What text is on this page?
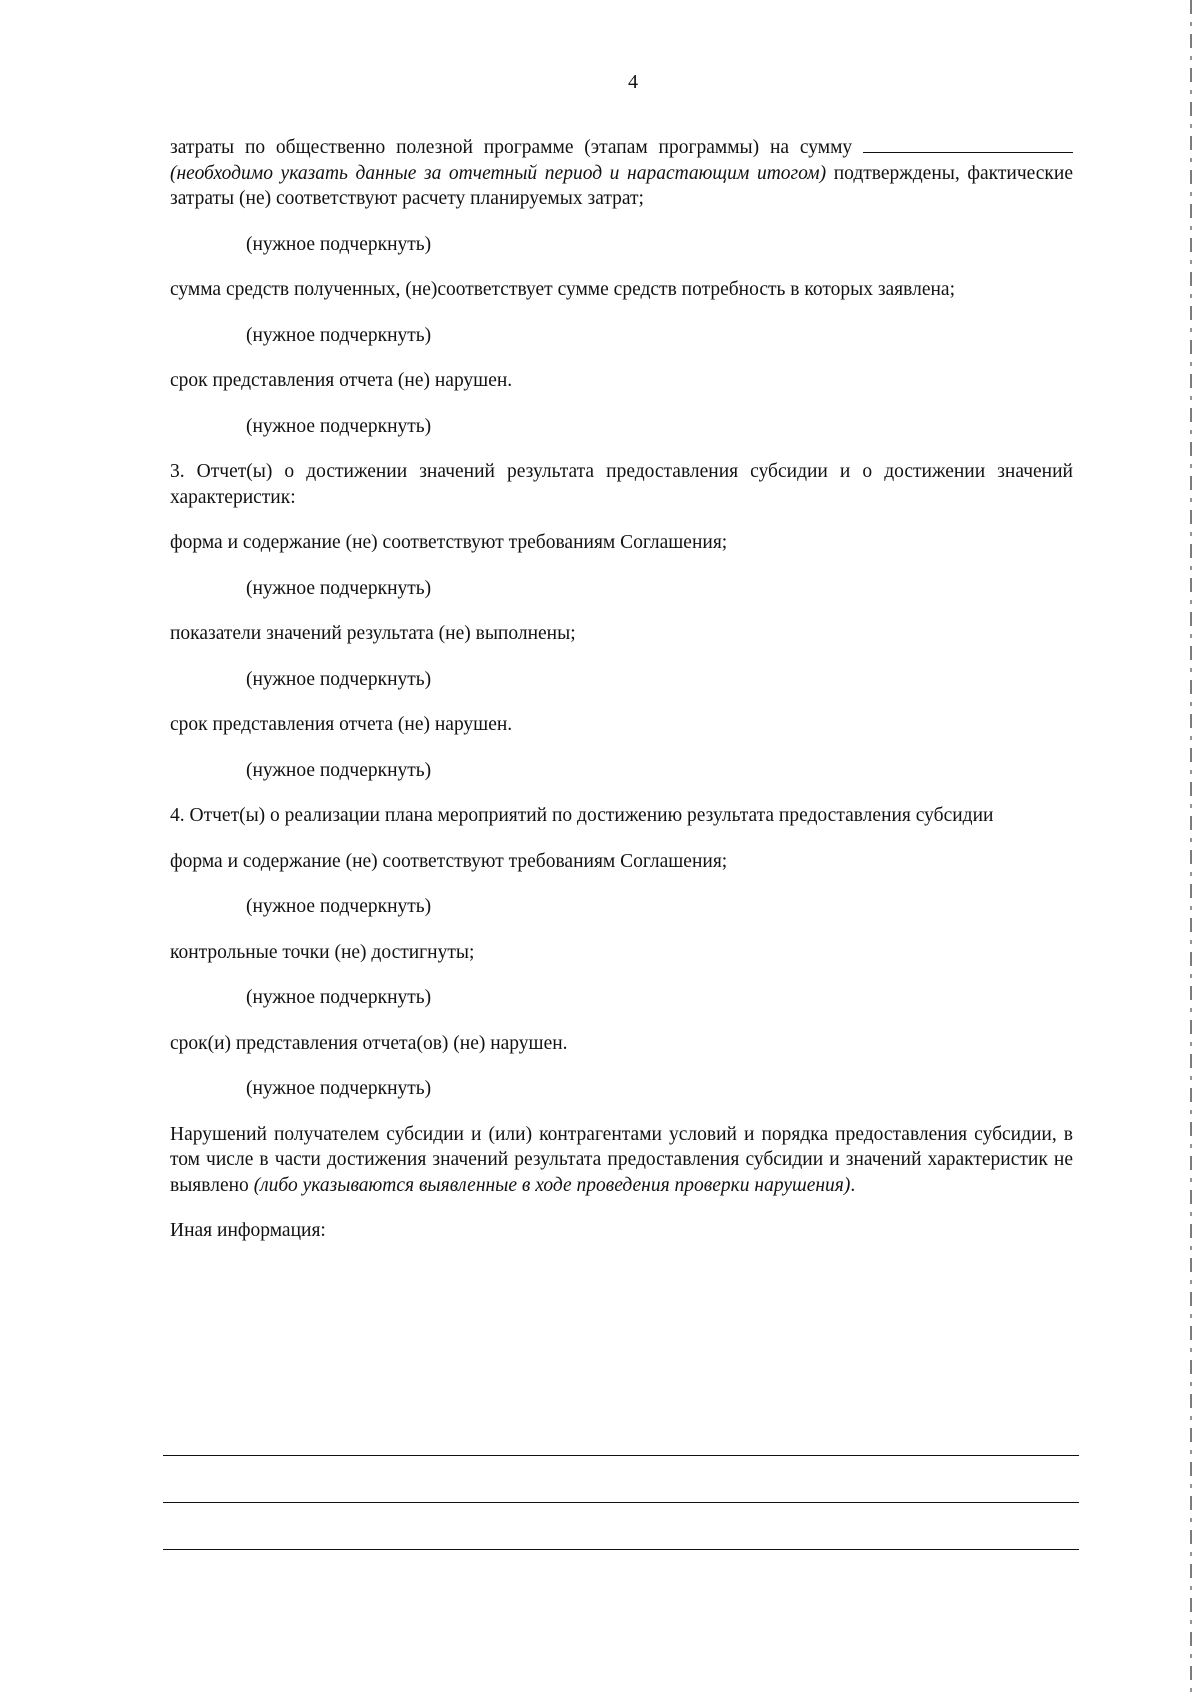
4

затраты по общественно полезной программе (этапам программы) на сумму  (необходимо указать данные за отчетный период и нарастающим итогом) подтверждены, фактические затраты (не) соответствуют расчету планируемых затрат;

(нужное подчеркнуть)

сумма средств полученных, (не)соответствует сумме средств потребность в которых заявлена;

(нужное подчеркнуть)

срок представления отчета (не) нарушен.

(нужное подчеркнуть)

3. Отчет(ы) о достижении значений результата предоставления субсидии и о достижении значений характеристик:

форма и содержание (не) соответствуют требованиям Соглашения;

(нужное подчеркнуть)

показатели значений результата (не) выполнены;

(нужное подчеркнуть)

срок представления отчета (не) нарушен.

(нужное подчеркнуть)

4. Отчет(ы) о реализации плана мероприятий по достижению результата предоставления субсидии

форма и содержание (не) соответствуют требованиям Соглашения;

(нужное подчеркнуть)

контрольные точки (не) достигнуты;

(нужное подчеркнуть)

срок(и) представления отчета(ов) (не) нарушен.

(нужное подчеркнуть)

Нарушений получателем субсидии и (или) контрагентами условий и порядка предоставления субсидии, в том числе в части достижения значений результата предоставления субсидии и значений характеристик не выявлено (либо указываются выявленные в ходе проведения проверки нарушения).

Иная информация:
